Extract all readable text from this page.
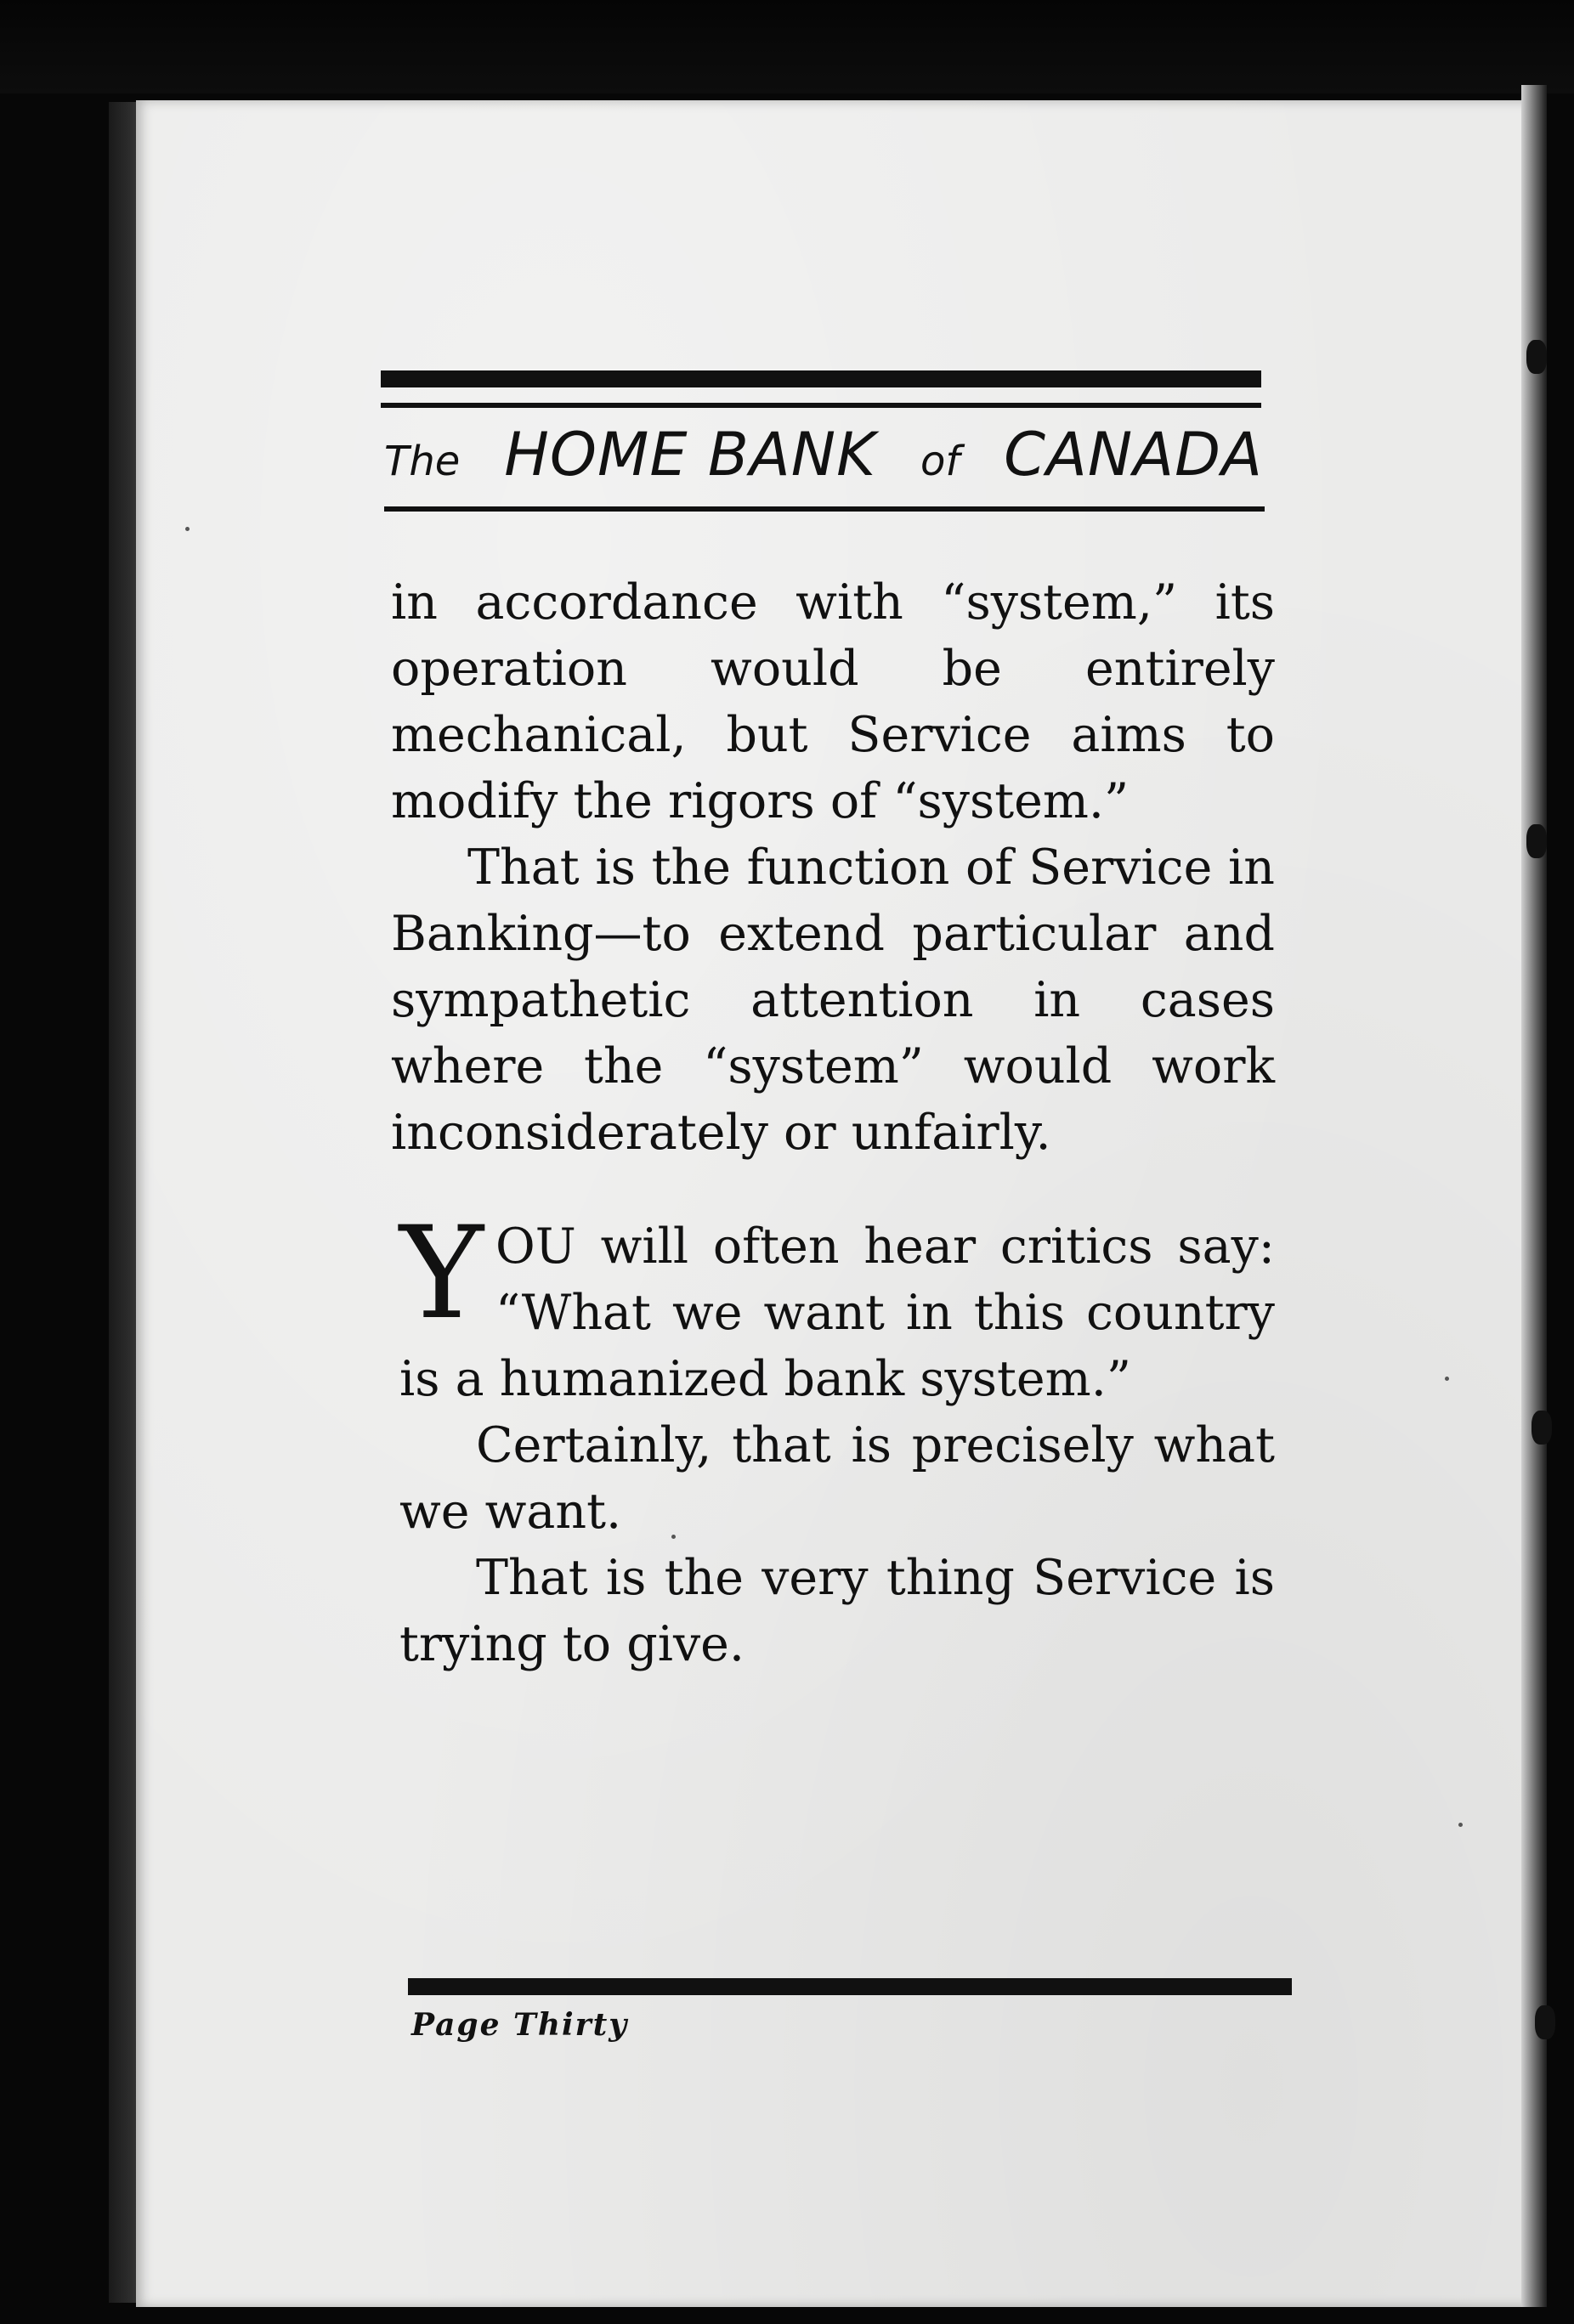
The HOME BANK of CANADA

in accordance with “system,” its operation would be entirely mechanical, but Service aims to modify the rigors of “system.”

That is the function of Service in Banking—to extend particular and sympathetic attention in cases where the “system” would work inconsiderately or unfairly.

YOU will often hear critics say: “What we want in this country is a humanized bank system.”

Certainly, that is precisely what we want.

That is the very thing Service is trying to give.

Page Thirty
